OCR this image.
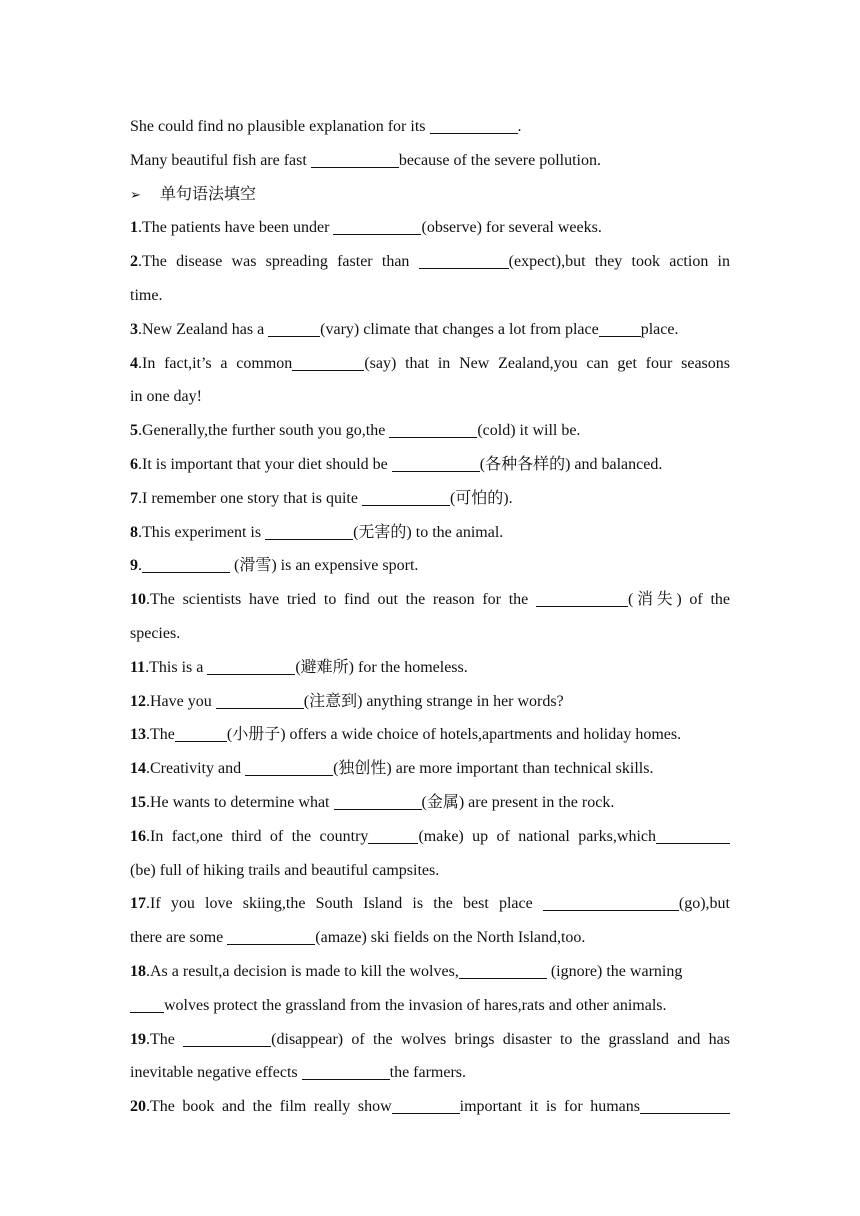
She could find no plausible explanation for its	.
Many beautiful fish are fast	because of the severe pollution.
➢ 单句语法填空
1.The patients have been under	(observe) for several weeks.
2.The disease was spreading faster than	(expect),but they took action in
time.
3.New Zealand has a	(vary) climate that changes a lot from place	place.
4.In fact,it’s a common	(say) that in New Zealand,you can get four seasons
in one day!
5.Generally,the further south you go,the	(cold) it will be.
6.It is important that your diet should be	(各种各样的) and balanced.
7.I remember one story that is quite	(可怕的).
8.This experiment is	(无害的) to the animal.
9.	(滑雪) is an expensive sport.
10.The scientists have tried to find out the reason for the	(消失) of the
species.
11.This is a	(避难所) for the homeless.
12.Have you	(注意到) anything strange in her words?
13.The	(小册子) offers a wide choice of hotels,apartments and holiday homes.
14.Creativity and	(独创性) are more important than technical skills.
15.He wants to determine what	(金属) are present in the rock.
16.In fact,one third of the country	(make) up of national parks,which
(be) full of hiking trails and beautiful campsites.
17.If you love skiing,the South Island is the best place	(go),but
there are some	(amaze) ski fields on the North Island,too.
18.As a result,a decision is made to kill the wolves,	(ignore) the warning
wolves protect the grassland from the invasion of hares,rats and other animals.
19.The	(disappear) of the wolves brings disaster to the grassland and has
inevitable negative effects	the farmers.
20.The book and the film really show	important it is for humans
